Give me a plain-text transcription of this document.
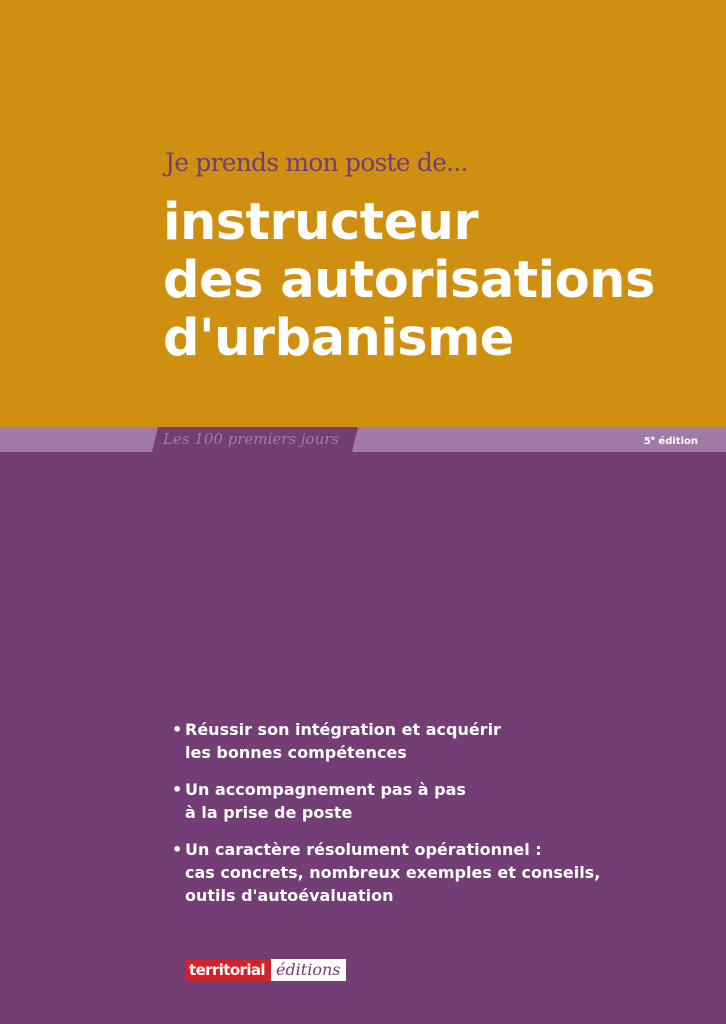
Je prends mon poste de...
instructeur
des autorisations
d'urbanisme
Les 100 premiers jours	5e édition
• Réussir son intégration et acquérir
les bonnes compétences
• Un accompagnement pas à pas
à la prise de poste
• Un caractère résolument opérationnel :
cas concrets, nombreux exemples et conseils,
outils d'autoévaluation
territorial éditions
